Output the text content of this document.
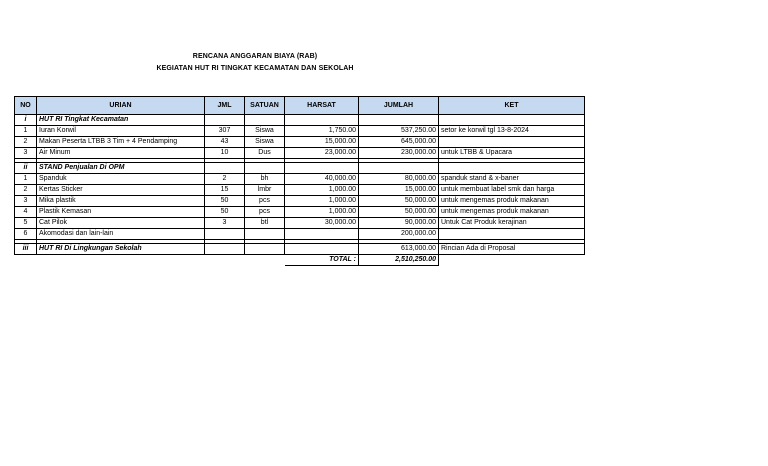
RENCANA ANGGARAN BIAYA (RAB)
KEGIATAN HUT RI TINGKAT KECAMATAN DAN SEKOLAH
NO	URIAN	JML	SATUAN	HARSAT	JUMLAH	KET
i	HUT RI Tingkat Kecamatan					
1	Iuran Korwil	307	Siswa	1,750.00	537,250.00	setor ke korwil tgl 13-8-2024
2	Makan Peserta LTBB 3 Tim + 4 Pendamping	43	Siswa	15,000.00	645,000.00	
3	Air Minum	10	Dus	23,000.00	230,000.00	untuk LTBB & Upacara

ii	STAND Penjualan Di OPM					
1	Spanduk	2	bh	40,000.00	80,000.00	spanduk stand & x-baner
2	Kertas Sticker	15	lmbr	1,000.00	15,000.00	untuk membuat label smk dan harga
3	Mika plastik	50	pcs	1,000.00	50,000.00	untuk mengemas produk makanan
4	Plastik Kemasan	50	pcs	1,000.00	50,000.00	untuk mengemas produk makanan
5	Cat Pilok	3	btl	30,000.00	90,000.00	Untuk Cat Produk kerajinan
6	Akomodasi dan lain-lain				200,000.00	

iii	HUT RI Di Lingkungan Sekolah				613,000.00	Rincian Ada di Proposal
				TOTAL :	2,510,250.00	
